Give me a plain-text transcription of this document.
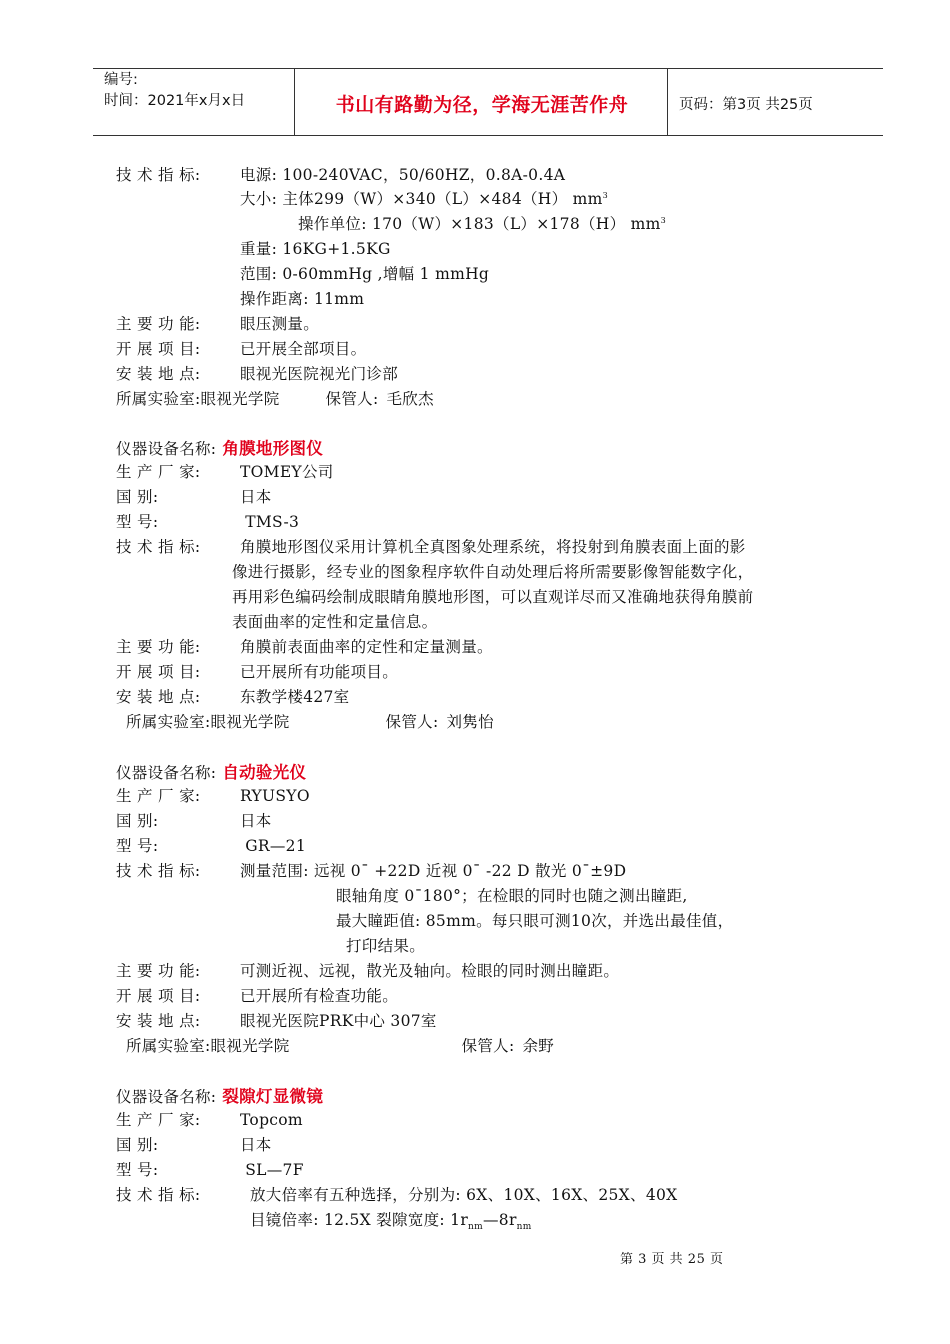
编号:
时间：2021年x月x日	书山有路勤为径，学海无涯苦作舟	页码：第3页 共25页
技 术 指 标:	电源: 100-240VAC，50/60HZ，0.8A-0.4A
大小: 主体299（W）×340（L）×484（H） $mm^3$
操作单位: 170（W）×183（L）×178（H） $mm^3$
重量: 16KG+1.5KG
范围: 0-60mmHg ,增幅 1 mmHg
操作距离: 11mm
主 要 功 能:	眼压测量。
开 展 项 目:	已开展全部项目。
安 装 地 点:	眼视光医院视光门诊部
所属实验室:眼视光学院	保管人: 毛欣杰
仪器设备名称: 角膜地形图仪
生 产 厂 家:	TOMEY公司
国 别:	日本
型 号:	TMS-3
技 术 指 标:	角膜地形图仪采用计算机全真图象处理系统，将投射到角膜表面上面的影
像进行摄影，经专业的图象程序软件自动处理后将所需要影像智能数字化，
再用彩色编码绘制成眼睛角膜地形图，可以直观详尽而又准确地获得角膜前
表面曲率的定性和定量信息。
主 要 功 能:	角膜前表面曲率的定性和定量测量。
开 展 项 目:	已开展所有功能项目。
安 装 地 点:	东教学楼427室
所属实验室:眼视光学院	保管人: 刘隽怡
仪器设备名称: 自动验光仪
生 产 厂 家:	RYUSYO
国 别:	日本
型 号:	GR—21
技 术 指 标:	测量范围: 远视 0¯ +22D 近视 0¯ -22 D 散光 0¯±9D
眼轴角度 0¯180°；在检眼的同时也随之测出瞳距,
最大瞳距值: 85mm。每只眼可测10次，并选出最佳值，
打印结果。
主 要 功 能:	可测近视、远视，散光及轴向。检眼的同时测出瞳距。
开 展 项 目:	已开展所有检查功能。
安 装 地 点:	眼视光医院PRK中心 307室
所属实验室:眼视光学院	保管人: 余野
仪器设备名称: 裂隙灯显微镜
生 产 厂 家:	Topcom
国 别:	日本
型 号:	SL—7F
技 术 指 标:	放大倍率有五种选择，分别为: 6X、10X、16X、25X、40X
目镜倍率: 12.5X 裂隙宽度: $1r_{nm}—8r_{nm}$
第 3 页 共 25 页
